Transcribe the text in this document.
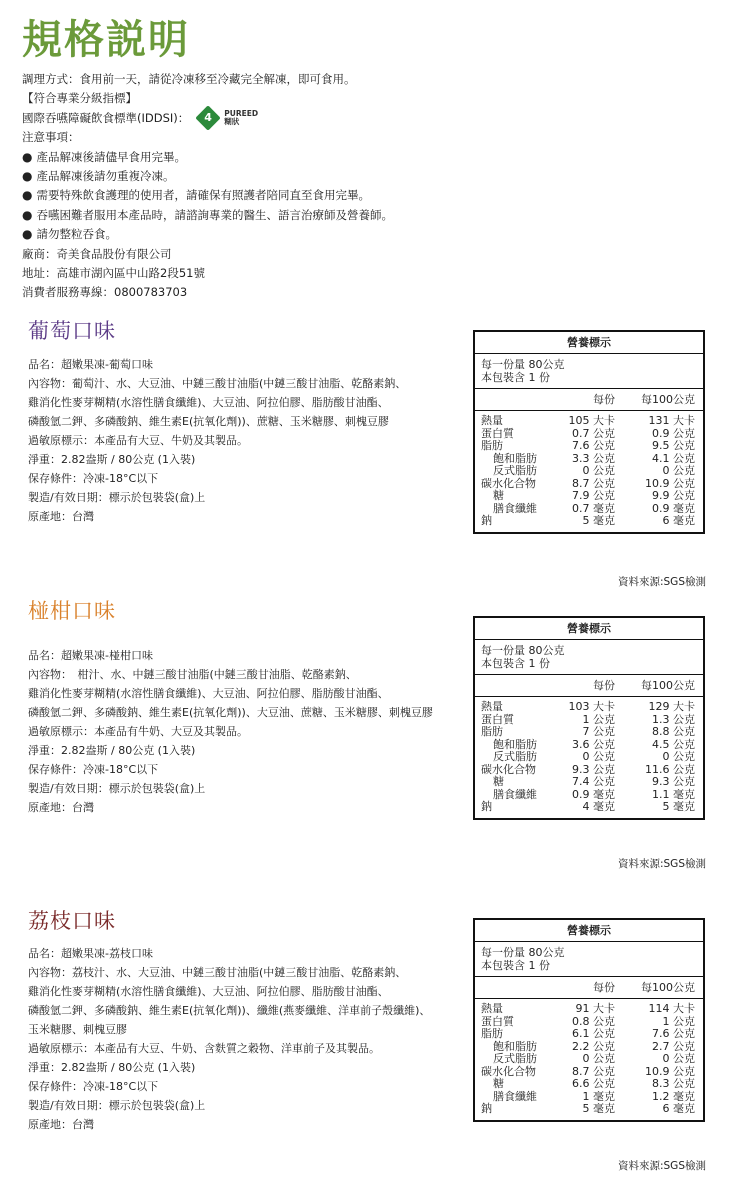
規格説明
調理方式：食用前一天，請從冷凍移至冷藏完全解凍，即可食用。
【符合專業分級指標】
國際吞嚥障礙飲食標準(IDDSI)： 4 PUREED
糊狀
注意事項：
● 產品解凍後請儘早食用完畢。
● 產品解凍後請勿重複冷凍。
● 需要特殊飲食護理的使用者，請確保有照護者陪同直至食用完畢。
● 吞嚥困難者服用本產品時，請諮詢專業的醫生、語言治療師及營養師。
● 請勿整粒吞食。
廠商：奇美食品股份有限公司
地址：高雄市湖內區中山路2段51號
消費者服務專線：0800783703
葡萄口味
品名：超嫩果凍-葡萄口味
內容物：葡萄汁、水、大豆油、中鏈三酸甘油脂(中鏈三酸甘油脂、乾酪素鈉、
雞消化性麥芽糊精(水溶性膳食纖維)、大豆油、阿拉伯膠、脂肪酸甘油酯、
磷酸氫二鉀、多磷酸鈉、維生素E(抗氧化劑))、蔗糖、玉米糖膠、刺槐豆膠
過敏原標示：本產品有大豆、牛奶及其製品。
淨重：2.82盎斯 / 80公克 (1入裝)
保存條件：冷凍-18°C以下
製造/有效日期：標示於包裝袋(盒)上
原產地：台灣
營養標示
每一份量 80公克
本包裝含 1 份
每份	每100公克
熱量	105 大卡	131 大卡
蛋白質	0.7 公克	0.9 公克
脂肪	7.6 公克	9.5 公克
飽和脂肪	3.3 公克	4.1 公克
反式脂肪	0 公克	0 公克
碳水化合物	8.7 公克	10.9 公克
糖	7.9 公克	9.9 公克
膳食纖維	0.7 毫克	0.9 毫克
鈉	5 毫克	6 毫克
資料來源:SGS檢測
椪柑口味
品名：超嫩果凍-椪柑口味
內容物：　柑汁、水、中鏈三酸甘油脂(中鏈三酸甘油脂、乾酪素鈉、
雞消化性麥芽糊精(水溶性膳食纖維)、大豆油、阿拉伯膠、脂肪酸甘油酯、
磷酸氫二鉀、多磷酸鈉、維生素E(抗氧化劑))、大豆油、蔗糖、玉米糖膠、刺槐豆膠
過敏原標示：本產品有牛奶、大豆及其製品。
淨重：2.82盎斯 / 80公克 (1入裝)
保存條件：冷凍-18°C以下
製造/有效日期：標示於包裝袋(盒)上
原產地：台灣
營養標示
每一份量 80公克
本包裝含 1 份
每份	每100公克
熱量	103 大卡	129 大卡
蛋白質	1 公克	1.3 公克
脂肪	7 公克	8.8 公克
飽和脂肪	3.6 公克	4.5 公克
反式脂肪	0 公克	0 公克
碳水化合物	9.3 公克	11.6 公克
糖	7.4 公克	9.3 公克
膳食纖維	0.9 毫克	1.1 毫克
鈉	4 毫克	5 毫克
資料來源:SGS檢測
荔枝口味
品名：超嫩果凍-荔枝口味
內容物：荔枝汁、水、大豆油、中鏈三酸甘油脂(中鏈三酸甘油脂、乾酪素鈉、
雞消化性麥芽糊精(水溶性膳食纖維)、大豆油、阿拉伯膠、脂肪酸甘油酯、
磷酸氫二鉀、多磷酸鈉、維生素E(抗氧化劑))、纖維(燕麥纖維、洋車前子殼纖維)、
玉米糖膠、刺槐豆膠
過敏原標示：本產品有大豆、牛奶、含麩質之穀物、洋車前子及其製品。
淨重：2.82盎斯 / 80公克 (1入裝)
保存條件：冷凍-18°C以下
製造/有效日期：標示於包裝袋(盒)上
原產地：台灣
營養標示
每一份量 80公克
本包裝含 1 份
每份	每100公克
熱量	91 大卡	114 大卡
蛋白質	0.8 公克	1 公克
脂肪	6.1 公克	7.6 公克
飽和脂肪	2.2 公克	2.7 公克
反式脂肪	0 公克	0 公克
碳水化合物	8.7 公克	10.9 公克
糖	6.6 公克	8.3 公克
膳食纖維	1 毫克	1.2 毫克
鈉	5 毫克	6 毫克
資料來源:SGS檢測
